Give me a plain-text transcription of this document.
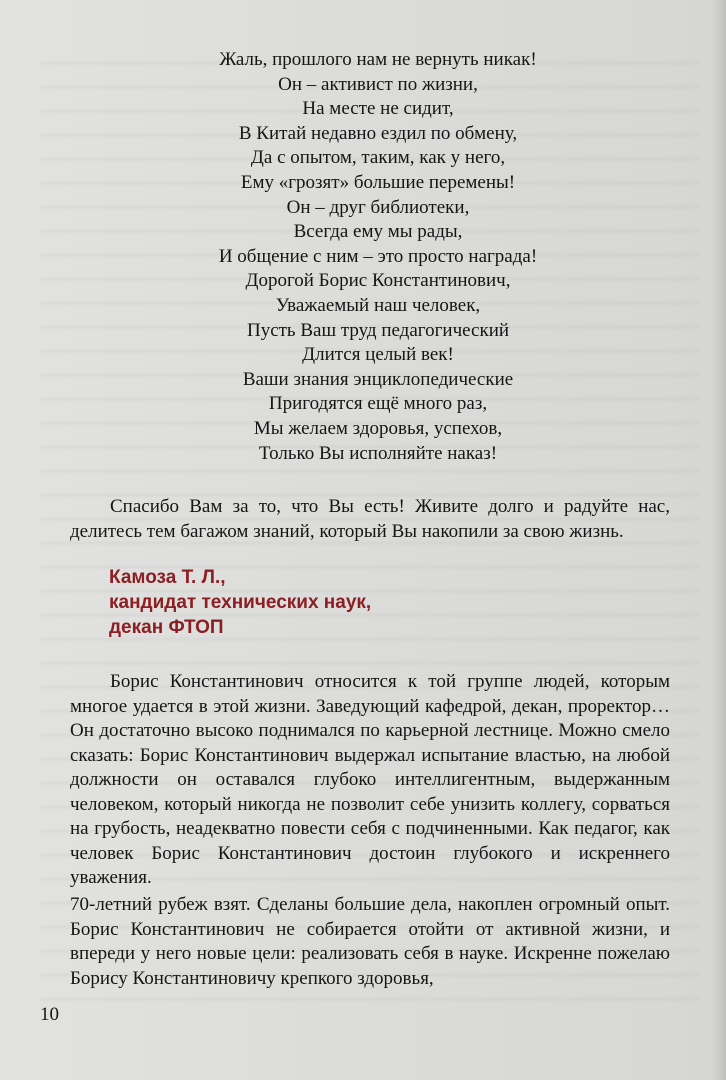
Жаль, прошлого нам не вернуть никак!
Он – активист по жизни,
На месте не сидит,
В Китай недавно ездил по обмену,
Да с опытом, таким, как у него,
Ему «грозят» большие перемены!
Он – друг библиотеки,
Всегда ему мы рады,
И общение с ним – это просто награда!
Дорогой Борис Константинович,
Уважаемый наш человек,
Пусть Ваш труд педагогический
Длится целый век!
Ваши знания энциклопедические
Пригодятся ещё много раз,
Мы желаем здоровья, успехов,
Только Вы исполняйте наказ!

Спасибо Вам за то, что Вы есть! Живите долго и радуйте нас, делитесь тем багажом знаний, который Вы накопили за свою жизнь.

Камоза Т. Л.,
кандидат технических наук,
декан ФТОП

Борис Константинович относится к той группе людей, которым многое удается в этой жизни. Заведующий кафедрой, декан, проректор… Он достаточно высоко поднимался по карьерной лестнице. Можно смело сказать: Борис Константинович выдержал испытание властью, на любой должности он оставался глубоко интеллигентным, выдержанным человеком, который никогда не позволит себе унизить коллегу, сорваться на грубость, неадекватно повести себя с подчиненными. Как педагог, как человек Борис Константинович достоин глубокого и искреннего уважения.

70-летний рубеж взят. Сделаны большие дела, накоплен огромный опыт. Борис Константинович не собирается отойти от активной жизни, и впереди у него новые цели: реализовать себя в науке. Искренне пожелаю Борису Константиновичу крепкого здоровья,

10
